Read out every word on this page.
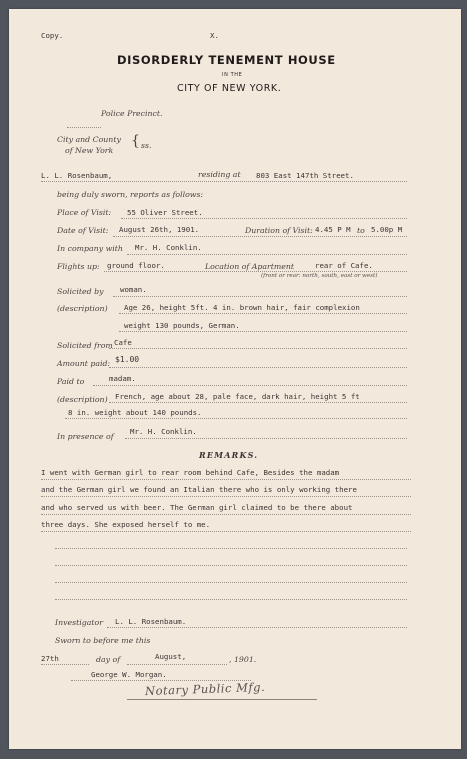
Copy.	X.
DISORDERLY TENEMENT HOUSE
IN THE
CITY OF NEW YORK.
Police Precinct.
City and County
of New York
{ ss.
L. L. Rosenbaum,	residing at 803 East 147th Street.
being duly sworn, reports as follows:
Place of Visit: 55 Oliver Street.
Date of Visit: August 26th, 1901.	Duration of Visit: 4.45 P M to 5.00p M
In company with Mr. H. Conklin.
Flights up: ground floor.	Location of Apartment	rear of Cafe.
(front or rear: north, south, east or west)
Solicited by woman.
(description) Age 26, height 5ft. 4 in. brown hair, fair complexion
weight 130 pounds, German.
Solicited from Cafe
Amount paid: $1.00
Paid to	madam.
(description) French, age about 28, pale face, dark hair, height 5 ft
8 in. weight about 140 pounds.
In presence of
Mr. H. Conklin.
REMARKS.
I went with German girl to rear room behind Cafe, Besides the madam
and the German girl we found an Italian there who is only working there
and who served us with beer. The German girl claimed to be there about
three days. She exposed herself to me.
Investigator L. L. Rosenbaum.
Sworn to before me this
27th	day of	August,	, 1901.
George W. Morgan.
Notary Public Mfg.
